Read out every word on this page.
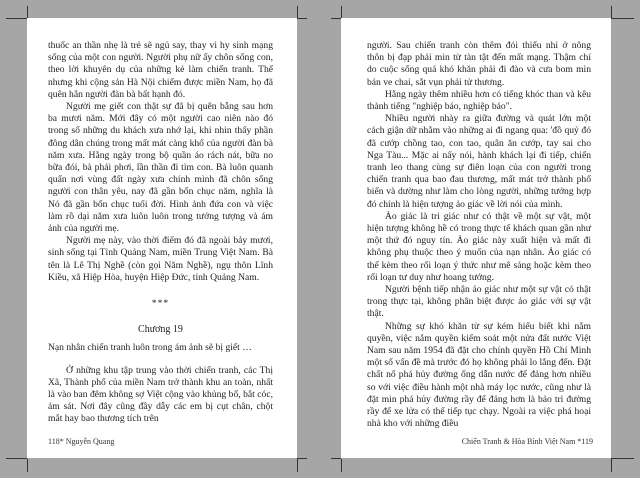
thuốc an thần nhẹ là trẻ sẽ ngủ say, thay vì hy sinh mạng sống của một con người. Người phụ nữ ấy chôn sống con, theo lời khuyên dụ của những kẻ làm chiến tranh. Thế nhưng khi cộng sản Hà Nội chiếm được miền Nam, họ đã quên hẳn người đàn bà bất hạnh đó.

Người mẹ giết con thật sự đã bị quên bẵng sau hơn ba mươi năm. Mới đây có một người cao niên nào đó trong số những du khách xưa nhớ lại, khi nhìn thấy phần đông dân chúng trong mất mát càng khổ của người đàn bà năm xưa. Hằng ngày trong bộ quần áo rách nát, bữa no bữa đói, bà phải phơi, lần thần đi tìm con. Bà luôn quanh quẩn nơi vùng đất ngày xưa chính mình đã chôn sống người con thân yêu, nay đã gần bốn chục năm, nghĩa là Nó đã gần bốn chục tuổi đời. Hình ảnh đứa con và việc làm rồ dại năm xưa luôn luôn trong tưởng tượng và ám ảnh của người mẹ.

Người mẹ này, vào thời điểm đó đã ngoài bảy mươi, sinh sống tại Tỉnh Quảng Nam, miền Trung Việt Nam. Bà tên là Lê Thị Nghề (còn gọi Năm Nghề), ngụ thôn Lĩnh Kiều, xã Hiệp Hòa, huyện Hiệp Đức, tỉnh Quảng Nam.

***

Chương 19

Nạn nhân chiến tranh luôn trong ám ảnh sẽ bị giết …

Ở những khu tập trung vào thời chiến tranh, các Thị Xã, Thành phố của miền Nam trở thành khu an toàn, nhất là vào ban đêm không sợ Việt cộng vào khủng bố, bắt cóc, ám sát. Nơi đây cũng đầy dẫy các em bị cụt chân, chột mắt hay bao thương tích trên

118* Nguyễn Quang

người. Sau chiến tranh còn thêm đói thiếu nhỉ ở nông thôn bị đạp phải mìn từ tàn tật đến mất mạng. Thậm chí do cuộc sống quá khó khăn phải đi đào và cưa bom mìn bán ve chai, sắt vụn phải tử thương.

Hằng ngày thêm nhiều hơn có tiếng khóc than và kêu thành tiếng "nghiệp báo, nghiệp báo".

Nhiều người nhày ra giữa đường và quát lớn một cách giận dữ nhằm vào những ai đi ngang qua: 'đồ quỷ đỏ đã cướp chồng tao, con tao, quân ăn cướp, tay sai cho Nga Tàu... Mặc ai nấy nói, hành khách lại đi tiếp, chiến tranh leo thang cùng sự điên loạn của con người trong chiến tranh qua bao đau thương, mất mát trở thành phố biến và dường như làm cho lòng người, những tưởng hợp đó chính là hiện tượng ảo giác về lời nói của mình.

Ảo giác là tri giác như có thật về một sự vật, một hiện tượng không hề có trong thực tế khách quan gần như một thứ đó nguy tín. Ảo giác này xuất hiện và mất đi không phụ thuộc theo ý muốn của nạn nhân. Ảo giác có thể kèm theo rối loạn ý thức như mê sảng hoặc kèm theo rối loạn tư duy như hoang tưởng.

Người bệnh tiếp nhận ảo giác như một sự vật có thật trong thực tại, không phân biệt được ảo giác với sự vật thật.

Những sự khó khăn từ sự kém hiểu biết khi nắm quyền, việc nắm quyền kiểm soát một nửa đất nước Việt Nam sau năm 1954 đã đặt cho chính quyền Hồ Chí Minh một số vấn đề mà trước đó họ không phải lo lắng đến. Đặt chất nổ phá hủy đường ống dẫn nước để đảng hơn nhiều so với việc điều hành một nhà máy lọc nước, cũng như là đặt mìn phá hủy đường rầy để đảng hơn là bảo trì đường rầy để xe lửa có thể tiếp tục chạy. Ngoài ra việc phá hoại nhà kho với những điều

Chiến Tranh & Hòa Bình Việt Nam *119
